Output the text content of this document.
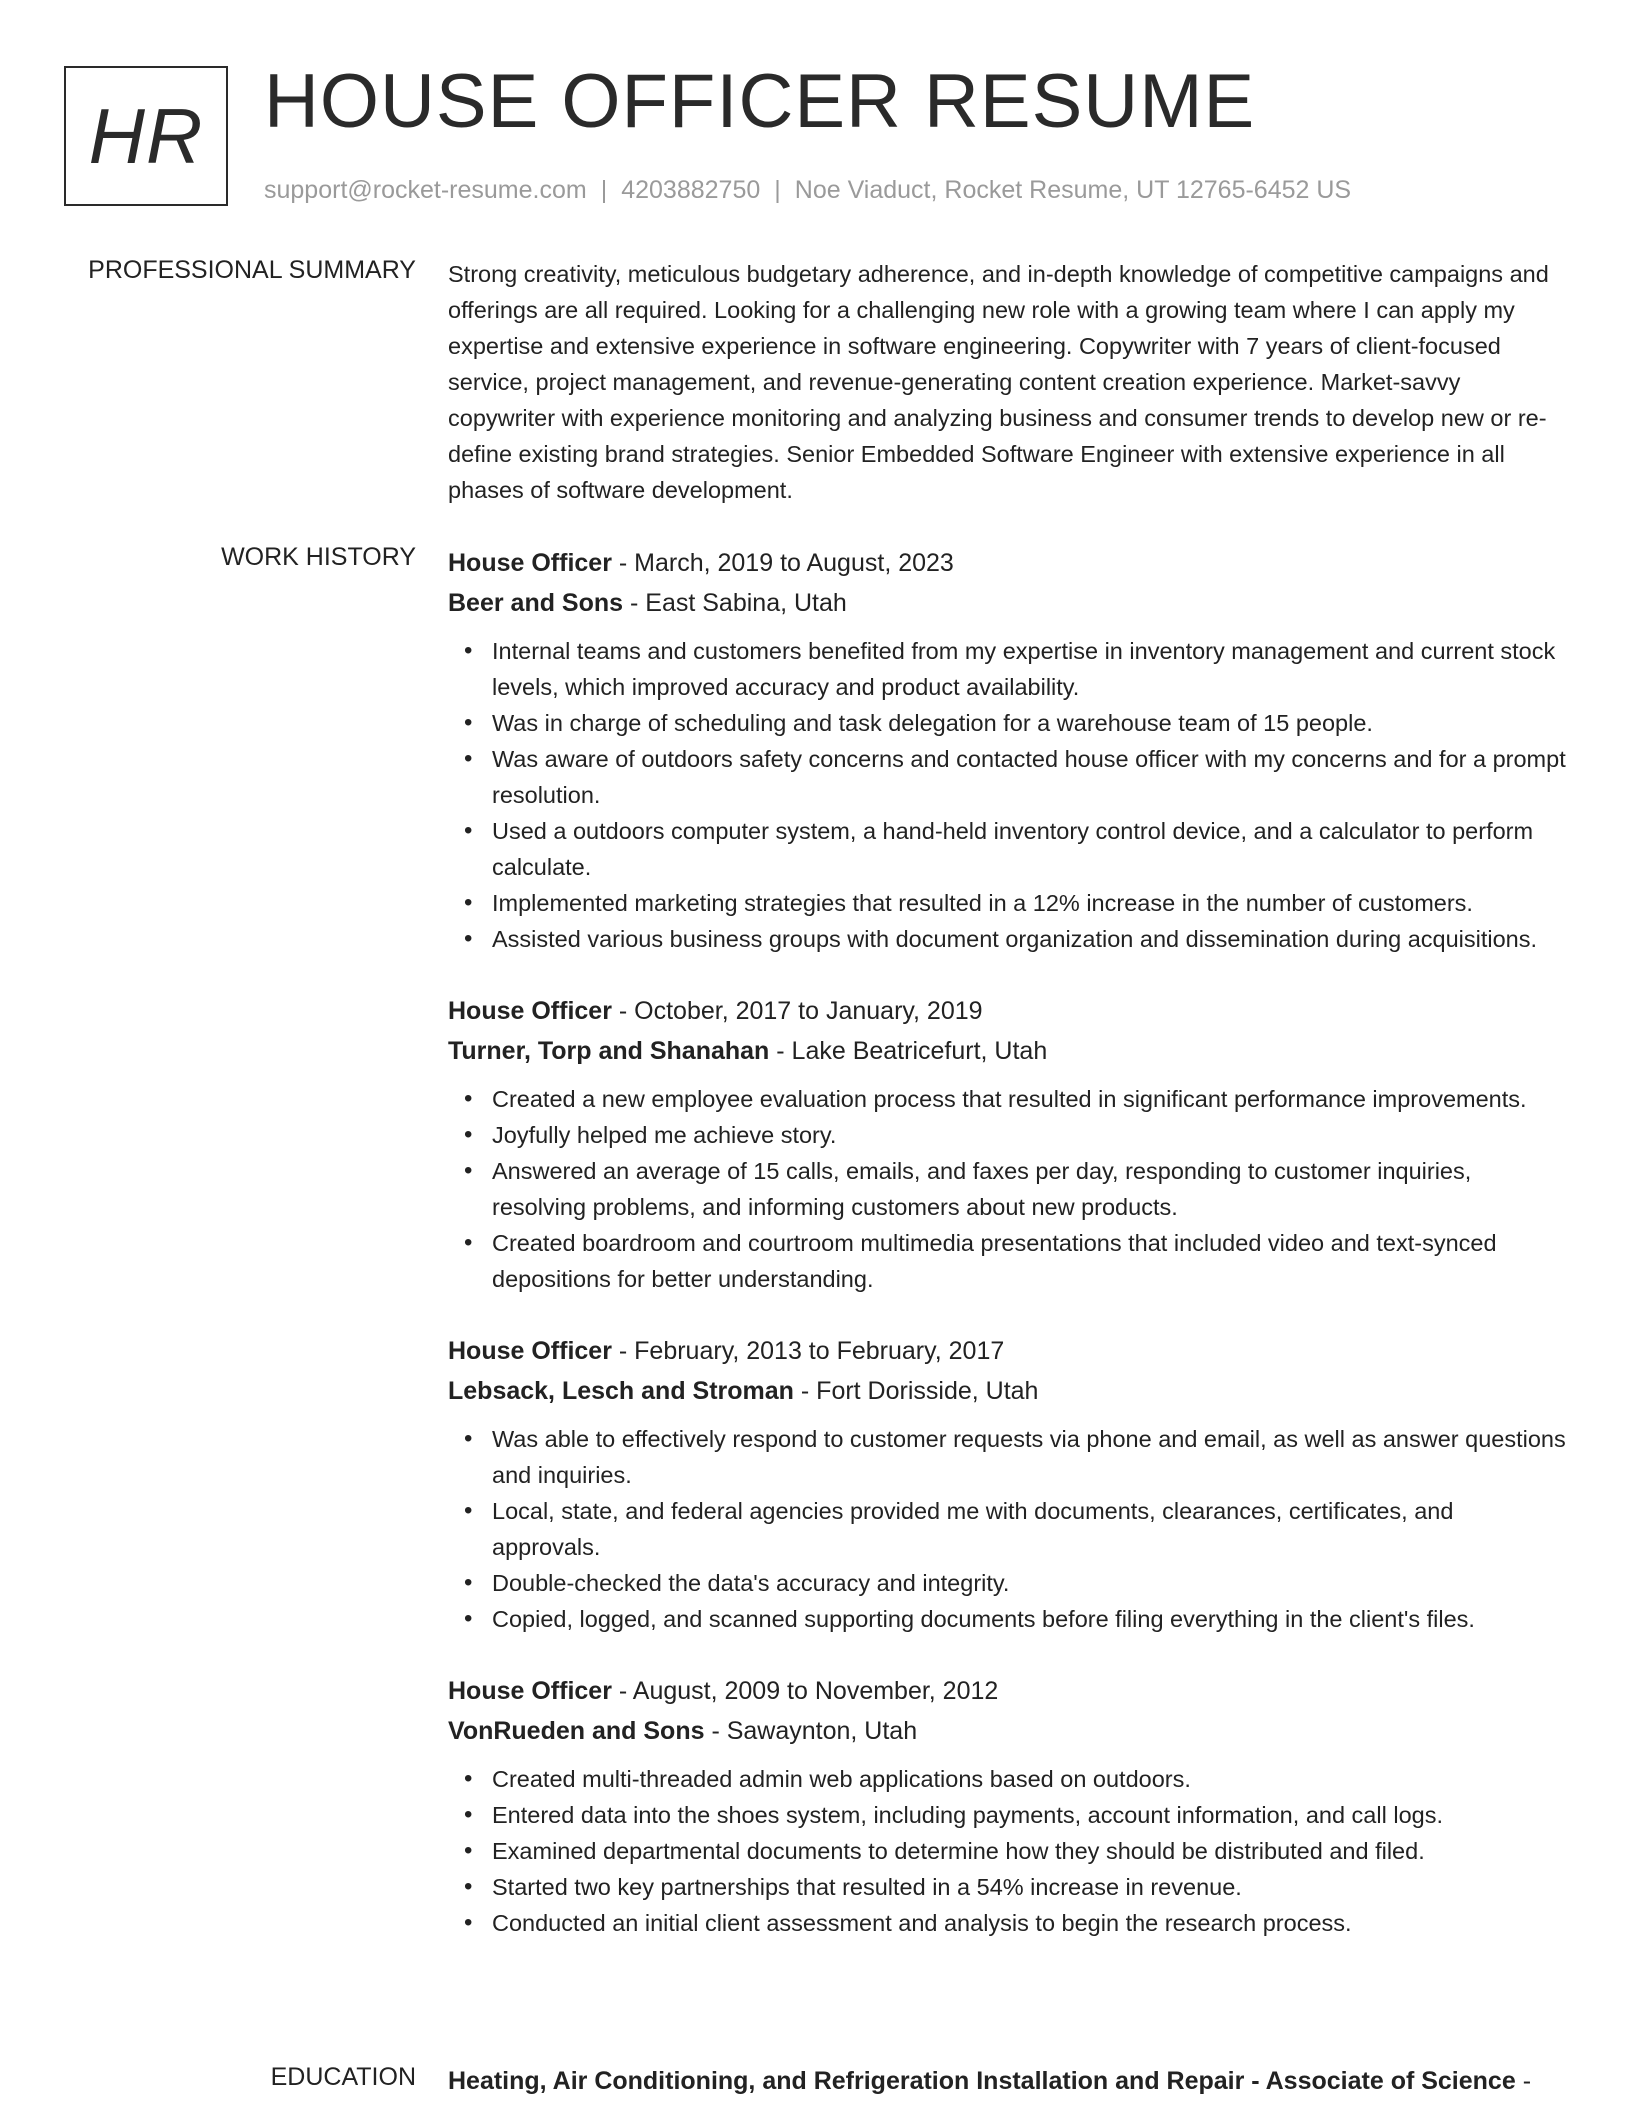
HR HOUSE OFFICER RESUME
support@rocket-resume.com | 4203882750 | Noe Viaduct, Rocket Resume, UT 12765-6452 US
PROFESSIONAL SUMMARY Strong creativity, meticulous budgetary adherence, and in-depth knowledge of competitive campaigns and offerings are all required. Looking for a challenging new role with a growing team where I can apply my expertise and extensive experience in software engineering. Copywriter with 7 years of client-focused service, project management, and revenue-generating content creation experience. Market-savvy copywriter with experience monitoring and analyzing business and consumer trends to develop new or re-define existing brand strategies. Senior Embedded Software Engineer with extensive experience in all phases of software development.

WORK HISTORY House Officer - March, 2019 to August, 2023
Beer and Sons - East Sabina, Utah
• Internal teams and customers benefited from my expertise in inventory management and current stock levels, which improved accuracy and product availability.
• Was in charge of scheduling and task delegation for a warehouse team of 15 people.
• Was aware of outdoors safety concerns and contacted house officer with my concerns and for a prompt resolution.
• Used a outdoors computer system, a hand-held inventory control device, and a calculator to perform calculate.
• Implemented marketing strategies that resulted in a 12% increase in the number of customers.
• Assisted various business groups with document organization and dissemination during acquisitions.
House Officer - October, 2017 to January, 2019
Turner, Torp and Shanahan - Lake Beatricefurt, Utah
• Created a new employee evaluation process that resulted in significant performance improvements.
• Joyfully helped me achieve story.
• Answered an average of 15 calls, emails, and faxes per day, responding to customer inquiries, resolving problems, and informing customers about new products.
• Created boardroom and courtroom multimedia presentations that included video and text-synced depositions for better understanding.
House Officer - February, 2013 to February, 2017
Lebsack, Lesch and Stroman - Fort Dorisside, Utah
• Was able to effectively respond to customer requests via phone and email, as well as answer questions and inquiries.
• Local, state, and federal agencies provided me with documents, clearances, certificates, and approvals.
• Double-checked the data's accuracy and integrity.
• Copied, logged, and scanned supporting documents before filing everything in the client's files.
House Officer - August, 2009 to November, 2012
VonRueden and Sons - Sawaynton, Utah
• Created multi-threaded admin web applications based on outdoors.
• Entered data into the shoes system, including payments, account information, and call logs.
• Examined departmental documents to determine how they should be distributed and filed.
• Started two key partnerships that resulted in a 54% increase in revenue.
• Conducted an initial client assessment and analysis to begin the research process.
EDUCATION Heating, Air Conditioning, and Refrigeration Installation and Repair - Associate of Science -
